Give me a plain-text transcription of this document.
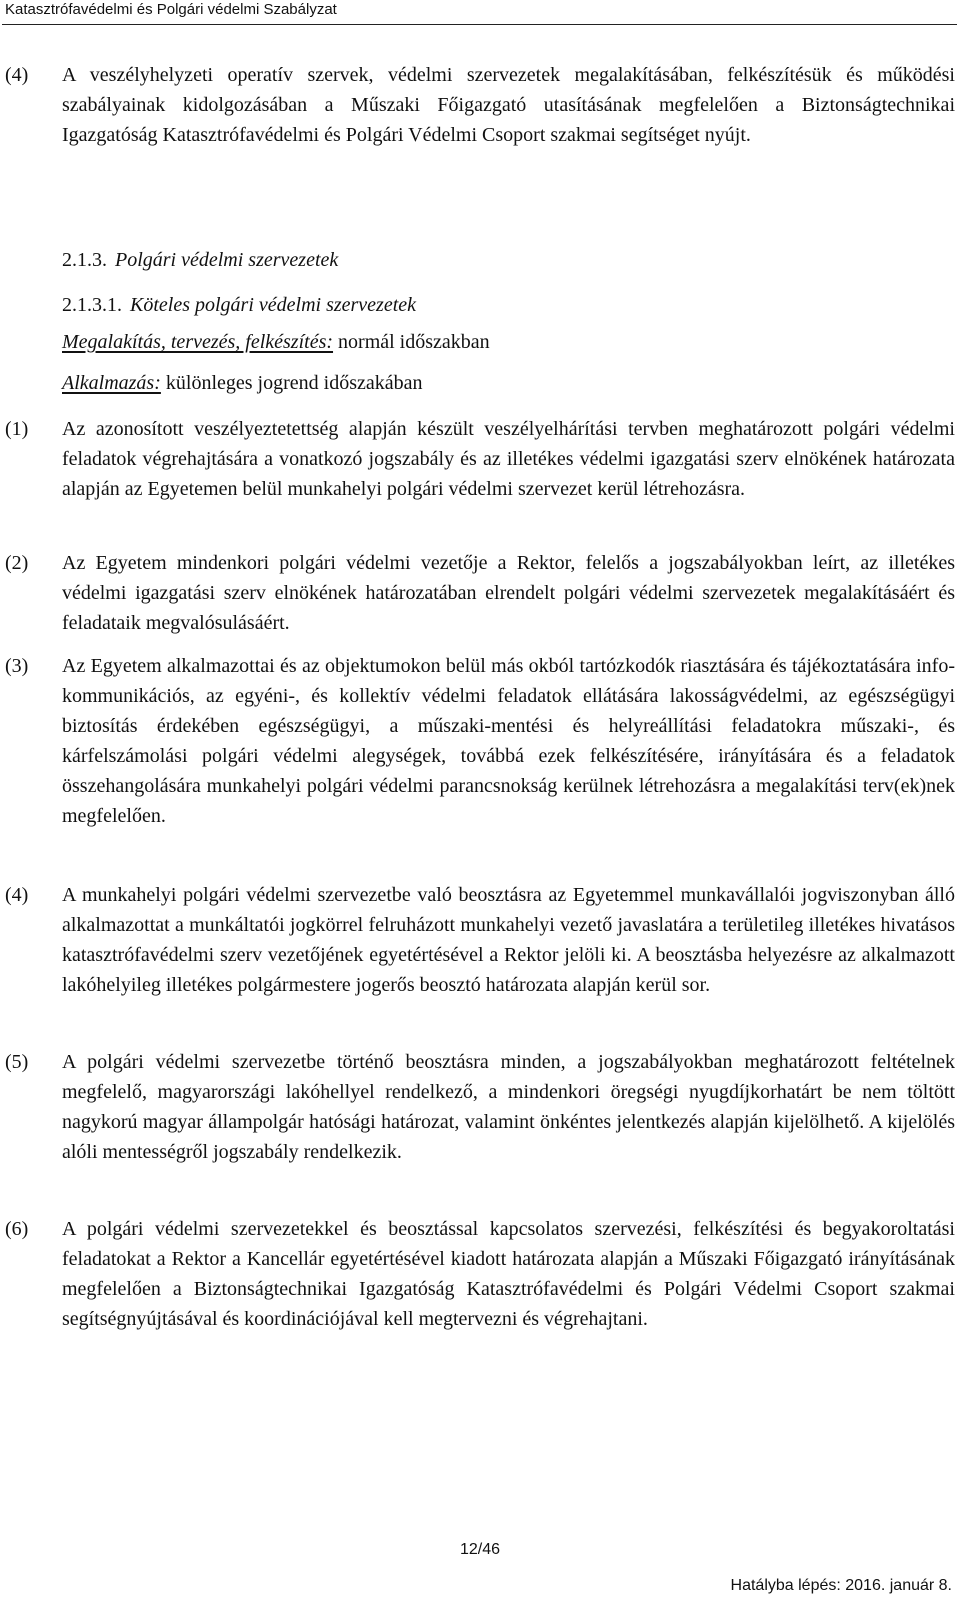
Katasztrófavédelmi és Polgári védelmi Szabályzat
(4) A veszélyhelyzeti operatív szervek, védelmi szervezetek megalakításában, felkészítésük és működési szabályainak kidolgozásában a Műszaki Főigazgató utasításának megfelelően a Biztonságtechnikai Igazgatóság Katasztrófavédelmi és Polgári Védelmi Csoport szakmai segítséget nyújt.
2.1.3. Polgári védelmi szervezetek
2.1.3.1. Köteles polgári védelmi szervezetek
Megalakítás, tervezés, felkészítés: normál időszakban
Alkalmazás: különleges jogrend időszakában
(1) Az azonosított veszélyeztetettség alapján készült veszélyelhárítási tervben meghatározott polgári védelmi feladatok végrehajtására a vonatkozó jogszabály és az illetékes védelmi igazgatási szerv elnökének határozata alapján az Egyetemen belül munkahelyi polgári védelmi szervezet kerül létrehozásra.
(2) Az Egyetem mindenkori polgári védelmi vezetője a Rektor, felelős a jogszabályokban leírt, az illetékes védelmi igazgatási szerv elnökének határozatában elrendelt polgári védelmi szervezetek megalakításáért és feladataik megvalósulásáért.
(3) Az Egyetem alkalmazottai és az objektumokon belül más okból tartózkodók riasztására és tájékoztatására info-kommunikációs, az egyéni-, és kollektív védelmi feladatok ellátására lakosságvédelmi, az egészségügyi biztosítás érdekében egészségügyi, a műszaki-mentési és helyreállítási feladatokra műszaki-, és kárfelszámolási polgári védelmi alegységek, továbbá ezek felkészítésére, irányítására és a feladatok összehangolására munkahelyi polgári védelmi parancsnokság kerülnek létrehozásra a megalakítási terv(ek)nek megfelelően.
(4) A munkahelyi polgári védelmi szervezetbe való beosztásra az Egyetemmel munkavállalói jogviszonyban álló alkalmazottat a munkáltatói jogkörrel felruházott munkahelyi vezető javaslatára a területileg illetékes hivatásos katasztrófavédelmi szerv vezetőjének egyetértésével a Rektor jelöli ki. A beosztásba helyezésre az alkalmazott lakóhelyileg illetékes polgármestere jogerős beosztó határozata alapján kerül sor.
(5) A polgári védelmi szervezetbe történő beosztásra minden, a jogszabályokban meghatározott feltételnek megfelelő, magyarországi lakóhellyel rendelkező, a mindenkori öregségi nyugdíjkorhatárt be nem töltött nagykorú magyar állampolgár hatósági határozat, valamint önkéntes jelentkezés alapján kijelölhető. A kijelölés alóli mentességről jogszabály rendelkezik.
(6) A polgári védelmi szervezetekkel és beosztással kapcsolatos szervezési, felkészítési és begyakoroltatási feladatokat a Rektor a Kancellár egyetértésével kiadott határozata alapján a Műszaki Főigazgató irányításának megfelelően a Biztonságtechnikai Igazgatóság Katasztrófavédelmi és Polgári Védelmi Csoport szakmai segítségnyújtásával és koordinációjával kell megtervezni és végrehajtani.
12/46
Hatályba lépés: 2016. január 8.
